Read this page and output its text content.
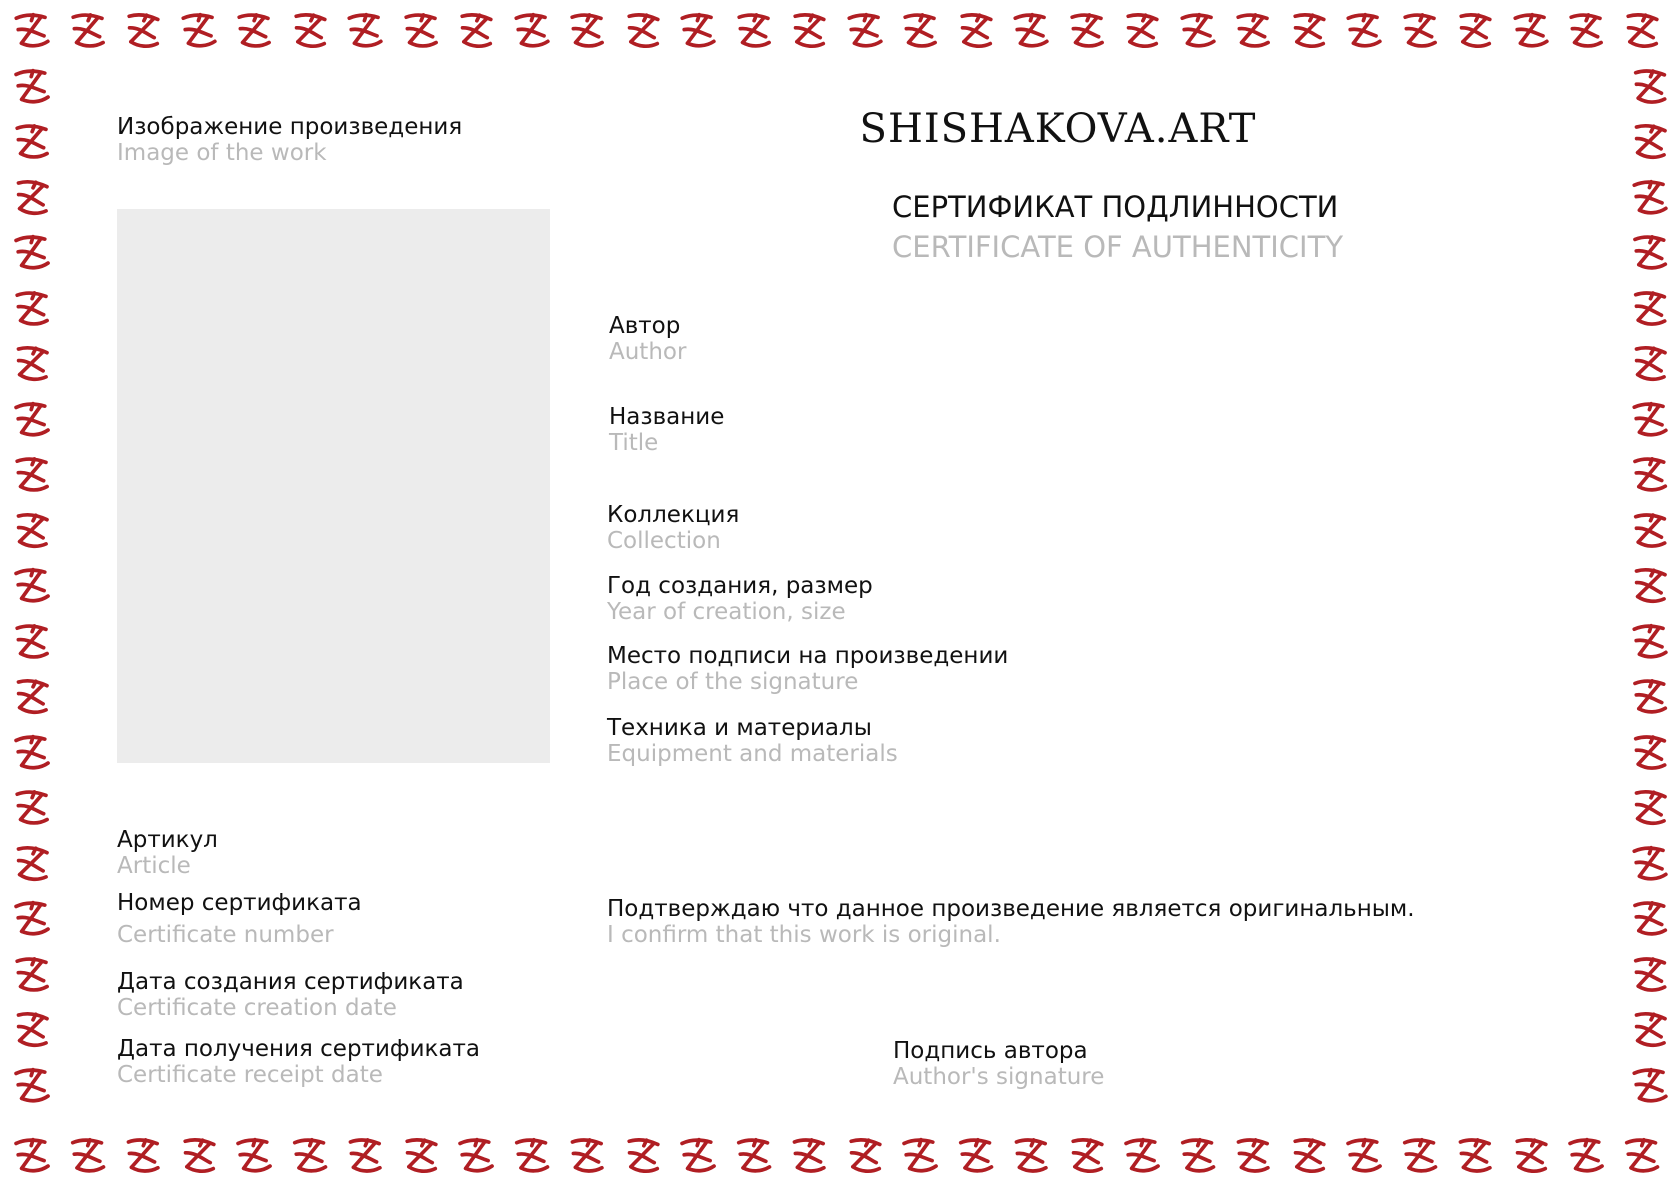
SHISHAKOVA.ART
СЕРТИФИКАТ ПОДЛИННОСТИ
CERTIFICATE OF AUTHENTICITY
Изображение произведения
Image of the work
Автор
Author
Название
Title
Коллекция
Collection
Год создания, размер
Year of creation, size
Место подписи на произведении
Place of the signature
Техника и материалы
Equipment and materials
Артикул
Article
Номер сертификата
Certificate number
Дата создания сертификата
Certificate creation date
Дата получения сертификата
Certificate receipt date
Подтверждаю что данное произведение является оригинальным.
I confirm that this work is original.
Подпись автора
Author's signature
